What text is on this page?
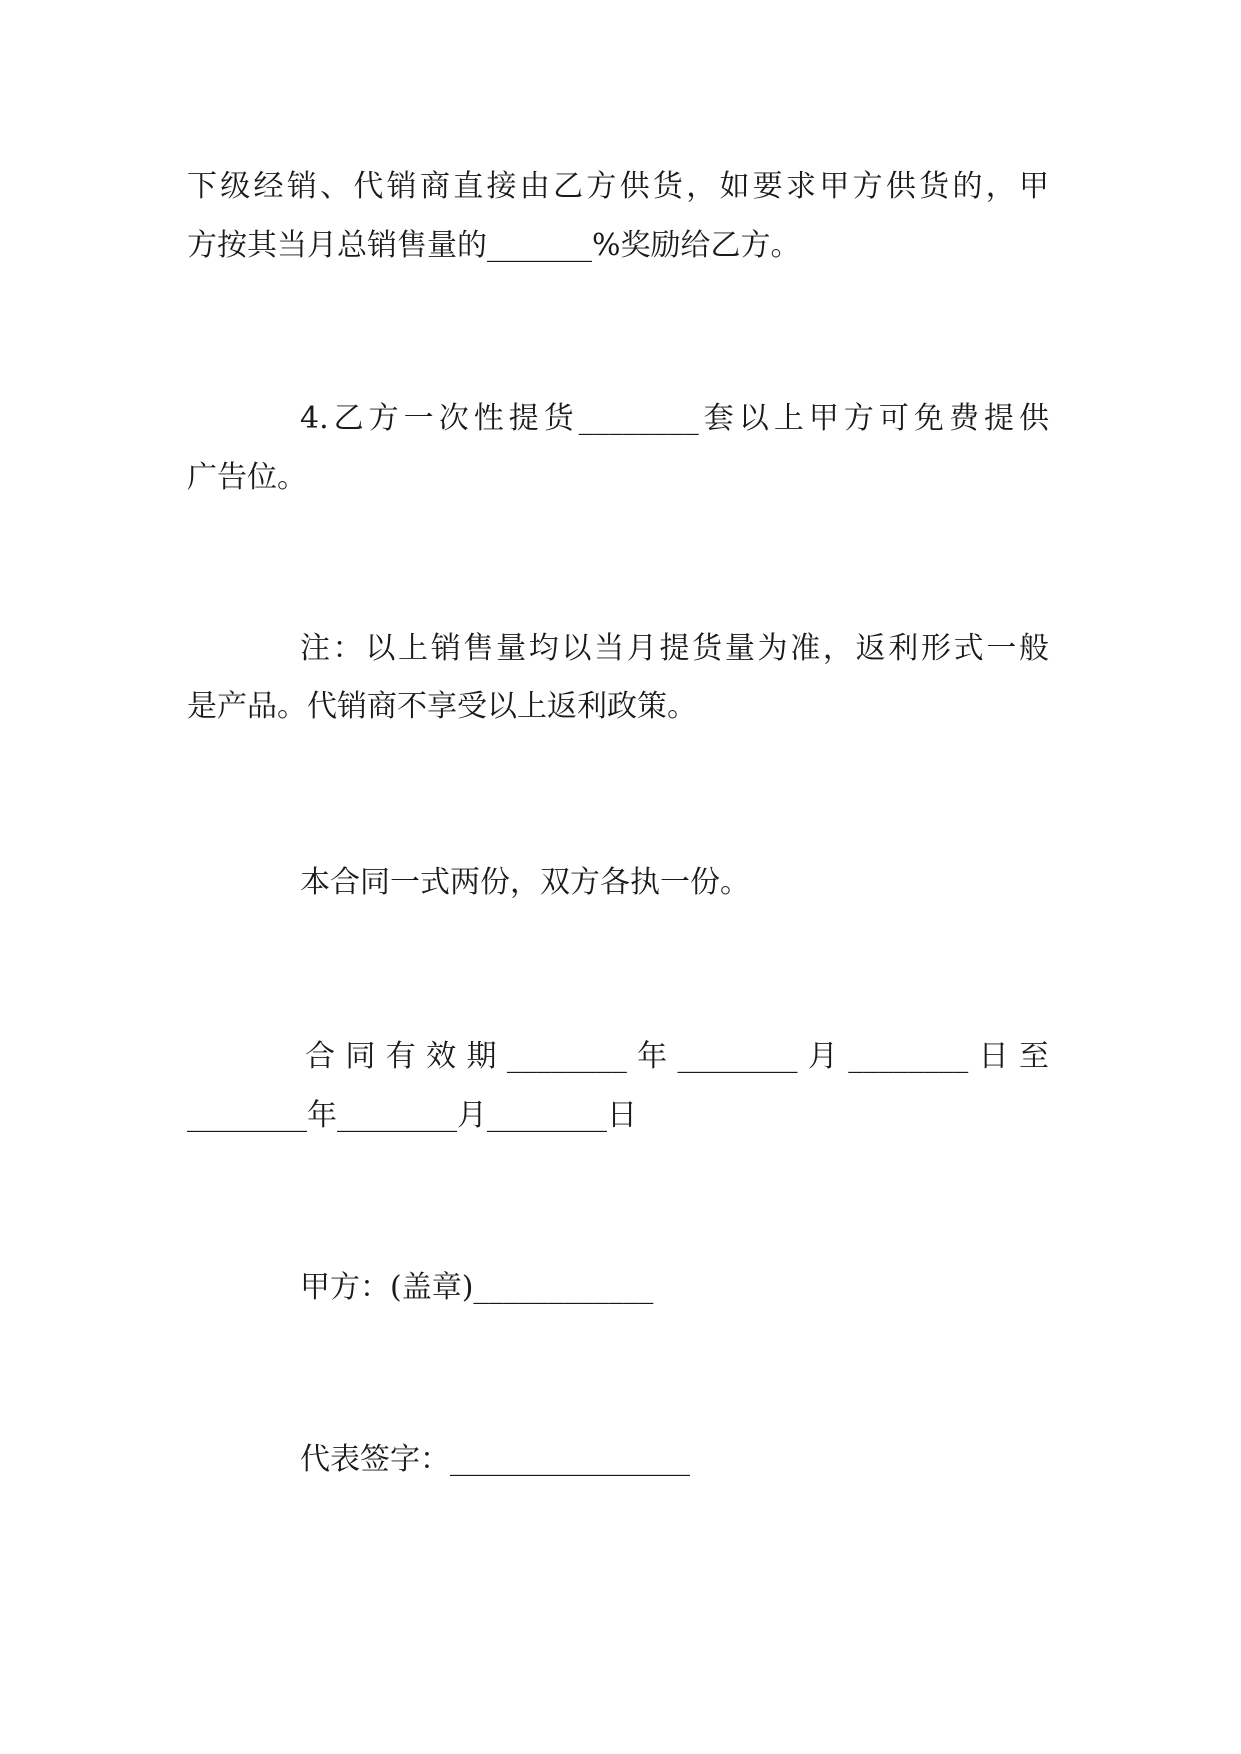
下级经销、代销商直接由乙方供货，如要求甲方供货的，甲
方按其当月总销售量的_______%奖励给乙方。
4.乙方一次性提货________套以上甲方可免费提供
广告位。
注：以上销售量均以当月提货量为准，返利形式一般
是产品。代销商不享受以上返利政策。
本合同一式两份，双方各执一份。
合同有效期________年________月________日至
________年________月________日
甲方：(盖章)____________
代表签字：________________
